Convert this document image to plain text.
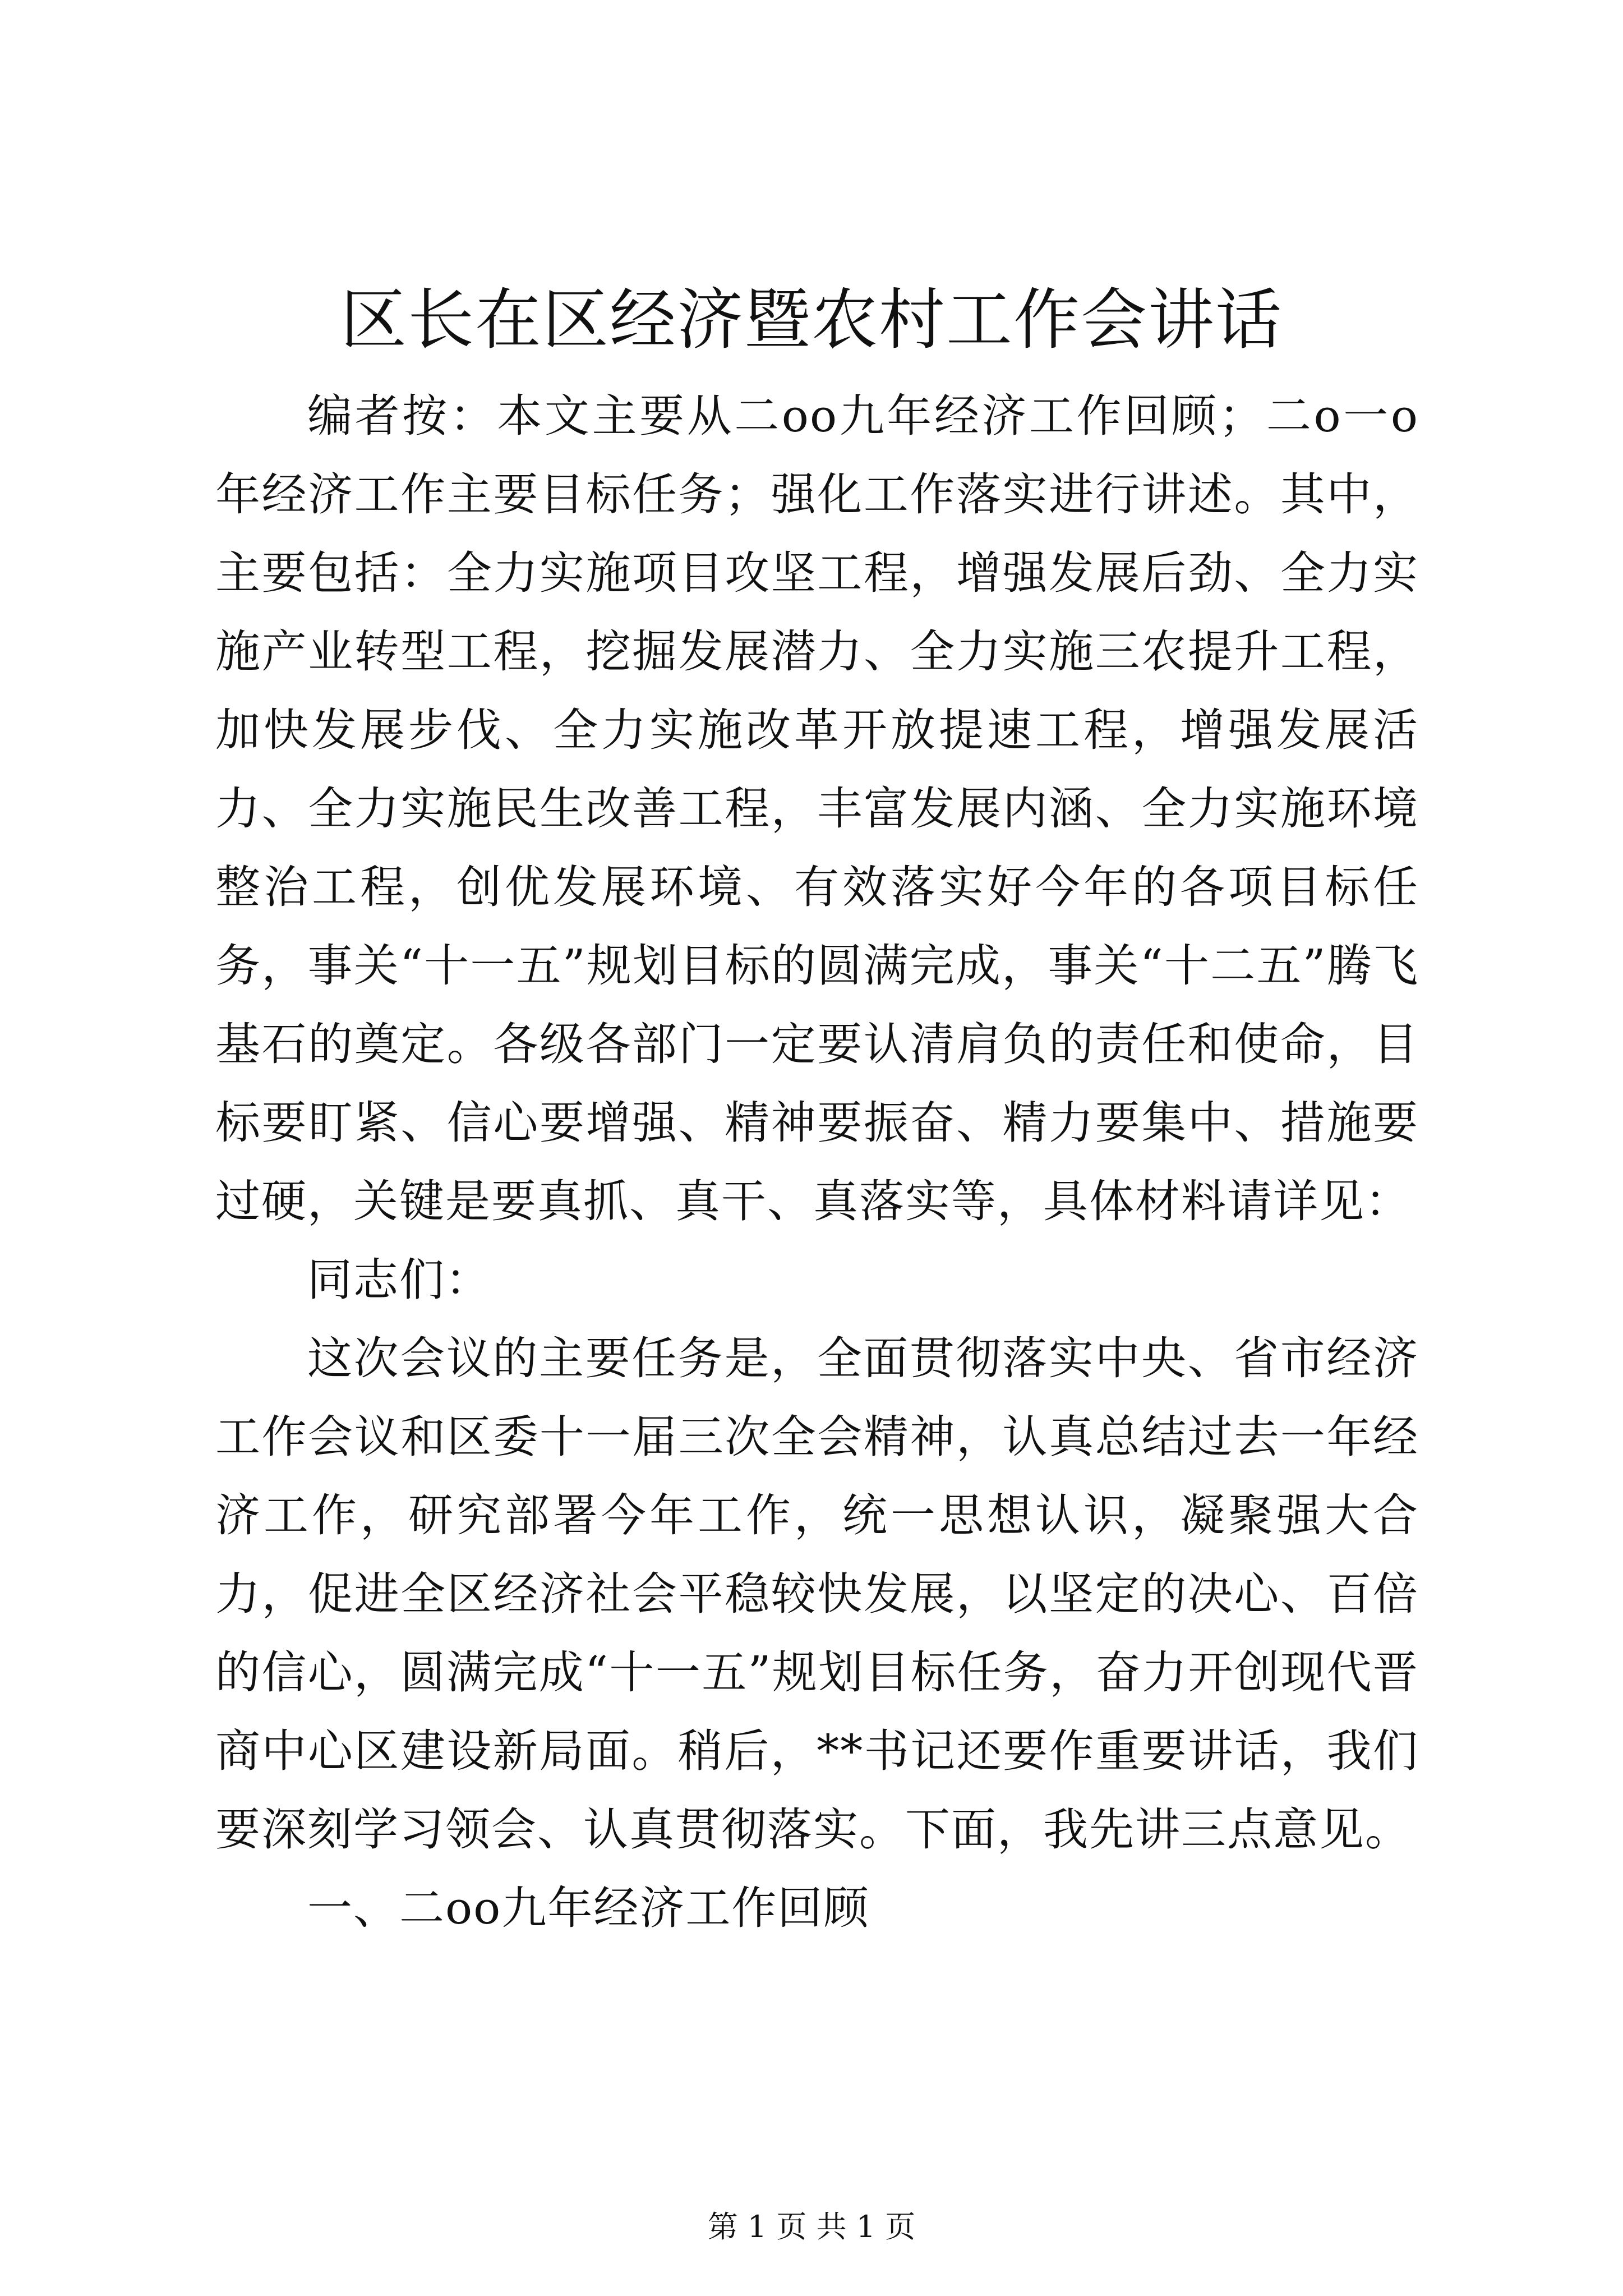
区长在区经济暨农村工作会讲话

编者按：本文主要从二oo九年经济工作回顾；二o一o年经济工作主要目标任务；强化工作落实进行讲述。其中，主要包括：全力实施项目攻坚工程，增强发展后劲、全力实施产业转型工程，挖掘发展潜力、全力实施三农提升工程，加快发展步伐、全力实施改革开放提速工程，增强发展活力、全力实施民生改善工程，丰富发展内涵、全力实施环境整治工程，创优发展环境、有效落实好今年的各项目标任务，事关“十一五”规划目标的圆满完成，事关“十二五”腾飞基石的奠定。各级各部门一定要认清肩负的责任和使命，目标要盯紧、信心要增强、精神要振奋、精力要集中、措施要过硬，关键是要真抓、真干、真落实等，具体材料请详见：

同志们：

这次会议的主要任务是，全面贯彻落实中央、省市经济工作会议和区委十一届三次全会精神，认真总结过去一年经济工作，研究部署今年工作，统一思想认识，凝聚强大合力，促进全区经济社会平稳较快发展，以坚定的决心、百倍的信心，圆满完成“十一五”规划目标任务，奋力开创现代晋商中心区建设新局面。稍后，**书记还要作重要讲话，我们要深刻学习领会、认真贯彻落实。下面，我先讲三点意见。

一、二oo九年经济工作回顾

第 1 页 共 1 页
